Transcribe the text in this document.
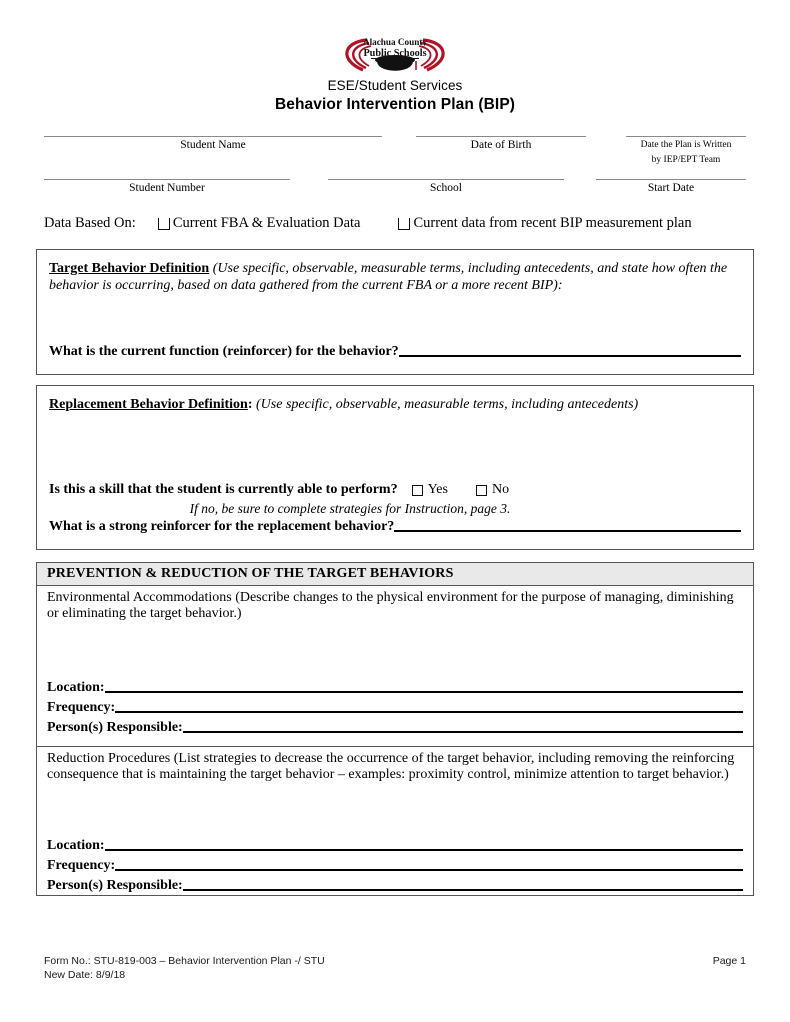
Alachua County
Public Schools
ESE/Student Services
Behavior Intervention Plan (BIP)
Student Name	Date of Birth	Date the Plan is Written
by IEP/EPT Team
Student Number	School	Start Date
Data Based On:	Current FBA & Evaluation Data	Current data from recent BIP measurement plan
Target Behavior Definition (Use specific, observable, measurable terms, including antecedents, and state how often the behavior is occurring, based on data gathered from the current FBA or a more recent BIP):
What is the current function (reinforcer) for the behavior?
Replacement Behavior Definition: (Use specific, observable, measurable terms, including antecedents)
Is this a skill that the student is currently able to perform? Yes	No
If no, be sure to complete strategies for Instruction, page 3.
What is a strong reinforcer for the replacement behavior?
PREVENTION & REDUCTION OF THE TARGET BEHAVIORS
Environmental Accommodations (Describe changes to the physical environment for the purpose of managing, diminishing or eliminating the target behavior.)
Location:
Frequency:
Person(s) Responsible:
Reduction Procedures (List strategies to decrease the occurrence of the target behavior, including removing the reinforcing consequence that is maintaining the target behavior – examples: proximity control, minimize attention to target behavior.)
Location:
Frequency:
Person(s) Responsible:
Form No.: STU-819-003 – Behavior Intervention Plan -/ STU
New Date: 8/9/18
Page 1
